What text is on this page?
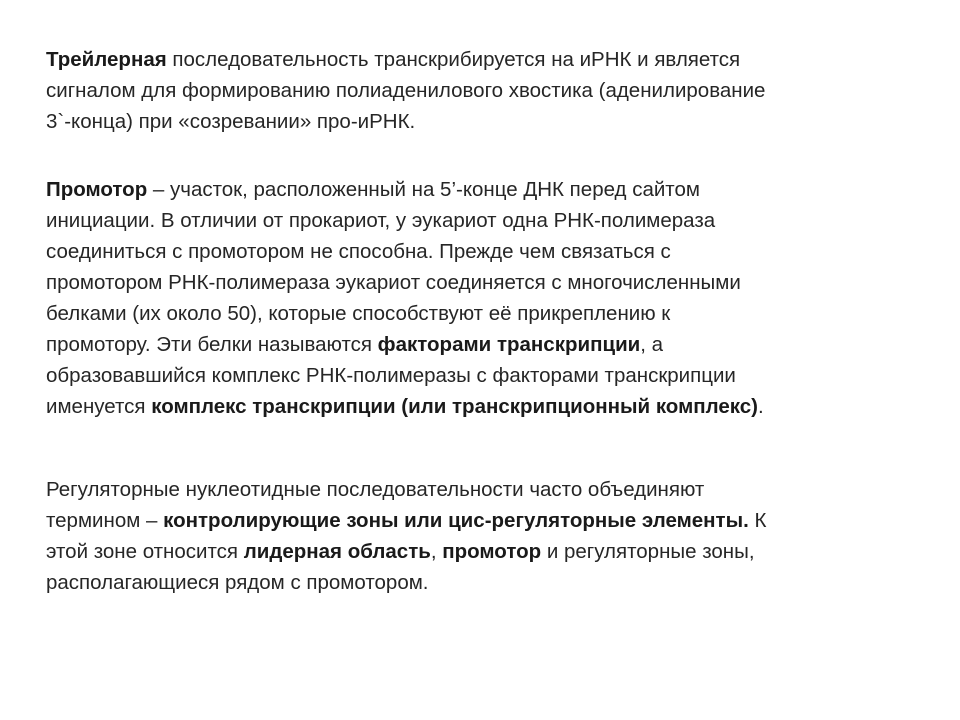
Трейлерная последовательность транскрибируется на иРНК и является
сигналом для формированию полиаденилового хвостика (аденилирование
3`-конца) при «созревании» про-иРНК.

Промотор – участок, расположенный на 5’-конце ДНК перед сайтом
инициации. В отличии от прокариот, у эукариот одна РНК-полимераза
соединиться с промотором не способна. Прежде чем связаться с
промотором РНК-полимераза эукариот соединяется с многочисленными
белками (их около 50), которые способствуют её прикреплению к
промотору. Эти белки называются факторами транскрипции, а
образовавшийся комплекс РНК-полимеразы с факторами транскрипции
именуется комплекс транскрипции (или транскрипционный комплекс).

Регуляторные нуклеотидные последовательности часто объединяют
термином – контролирующие зоны или цис-регуляторные элементы. К
этой зоне относится лидерная область, промотор и регуляторные зоны,
располагающиеся рядом с промотором.
